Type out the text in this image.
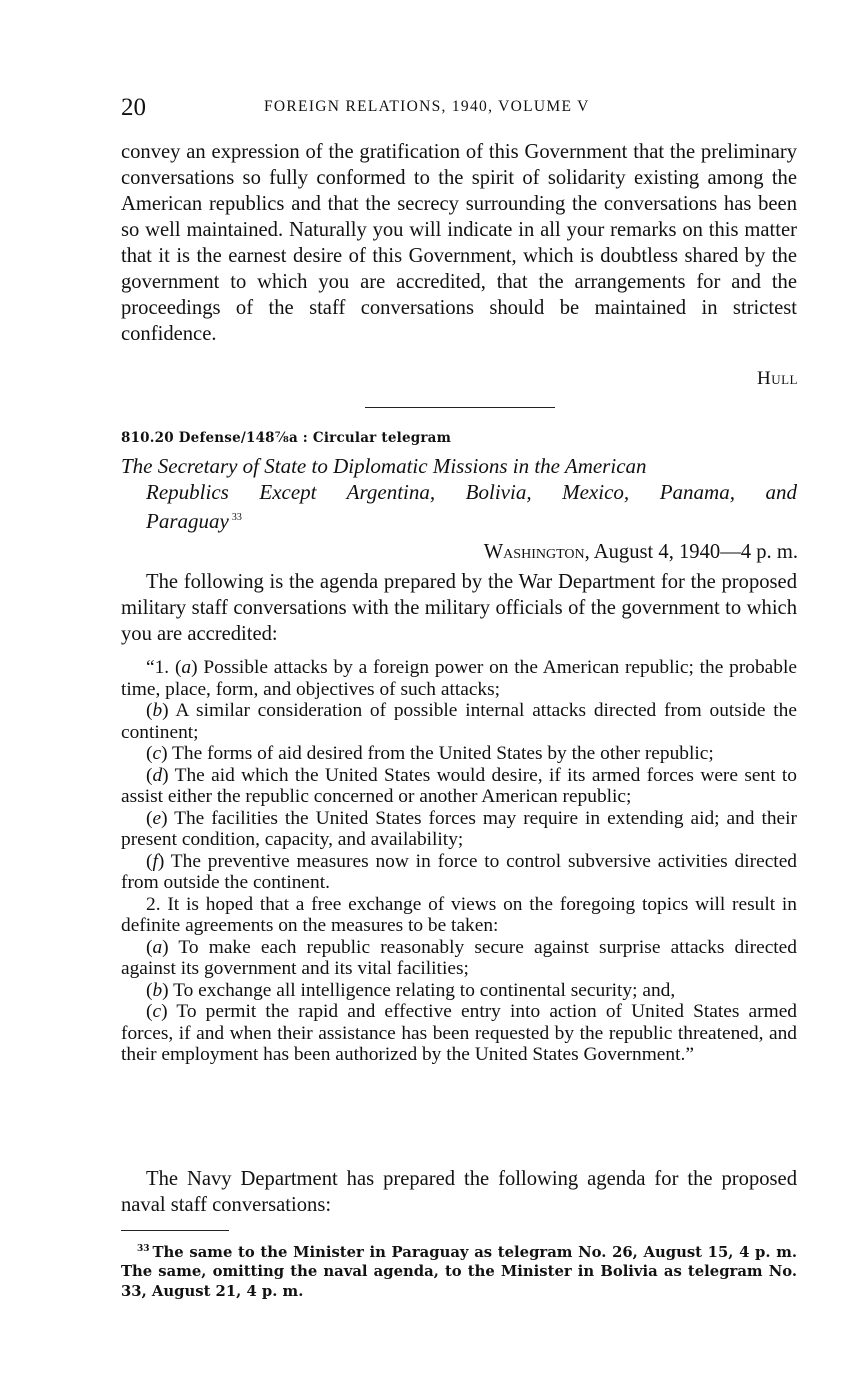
20	FOREIGN RELATIONS, 1940, VOLUME V

convey an expression of the gratification of this Government that the preliminary conversations so fully conformed to the spirit of solidarity existing among the American republics and that the secrecy surrounding the conversations has been so well maintained. Naturally you will indicate in all your remarks on this matter that it is the earnest desire of this Government, which is doubtless shared by the government to which you are accredited, that the arrangements for and the proceedings of the staff conversations should be maintained in strictest confidence.

Hull
810.20 Defense/148⅞a : Circular telegram

The Secretary of State to Diplomatic Missions in the American
Republics Except Argentina, Bolivia, Mexico, Panama, and
Paraguay $^{33}$

Washington, August 4, 1940—4 p. m.

The following is the agenda prepared by the War Department for the proposed military staff conversations with the military officials of the government to which you are accredited:

“1. (a) Possible attacks by a foreign power on the American republic; the probable time, place, form, and objectives of such attacks;

(b) A similar consideration of possible internal attacks directed from outside the continent;

(c) The forms of aid desired from the United States by the other republic;

(d) The aid which the United States would desire, if its armed forces were sent to assist either the republic concerned or another American republic;

(e) The facilities the United States forces may require in extending aid; and their present condition, capacity, and availability;

(f) The preventive measures now in force to control subversive activities directed from outside the continent.

2. It is hoped that a free exchange of views on the foregoing topics will result in definite agreements on the measures to be taken:

(a) To make each republic reasonably secure against surprise attacks directed against its government and its vital facilities;

(b) To exchange all intelligence relating to continental security; and,

(c) To permit the rapid and effective entry into action of United States armed forces, if and when their assistance has been requested by the republic threatened, and their employment has been authorized by the United States Government.”

The Navy Department has prepared the following agenda for the proposed naval staff conversations:

$^{33}$ The same to the Minister in Paraguay as telegram No. 26, August 15, 4 p. m. The same, omitting the naval agenda, to the Minister in Bolivia as telegram No. 33, August 21, 4 p. m.
